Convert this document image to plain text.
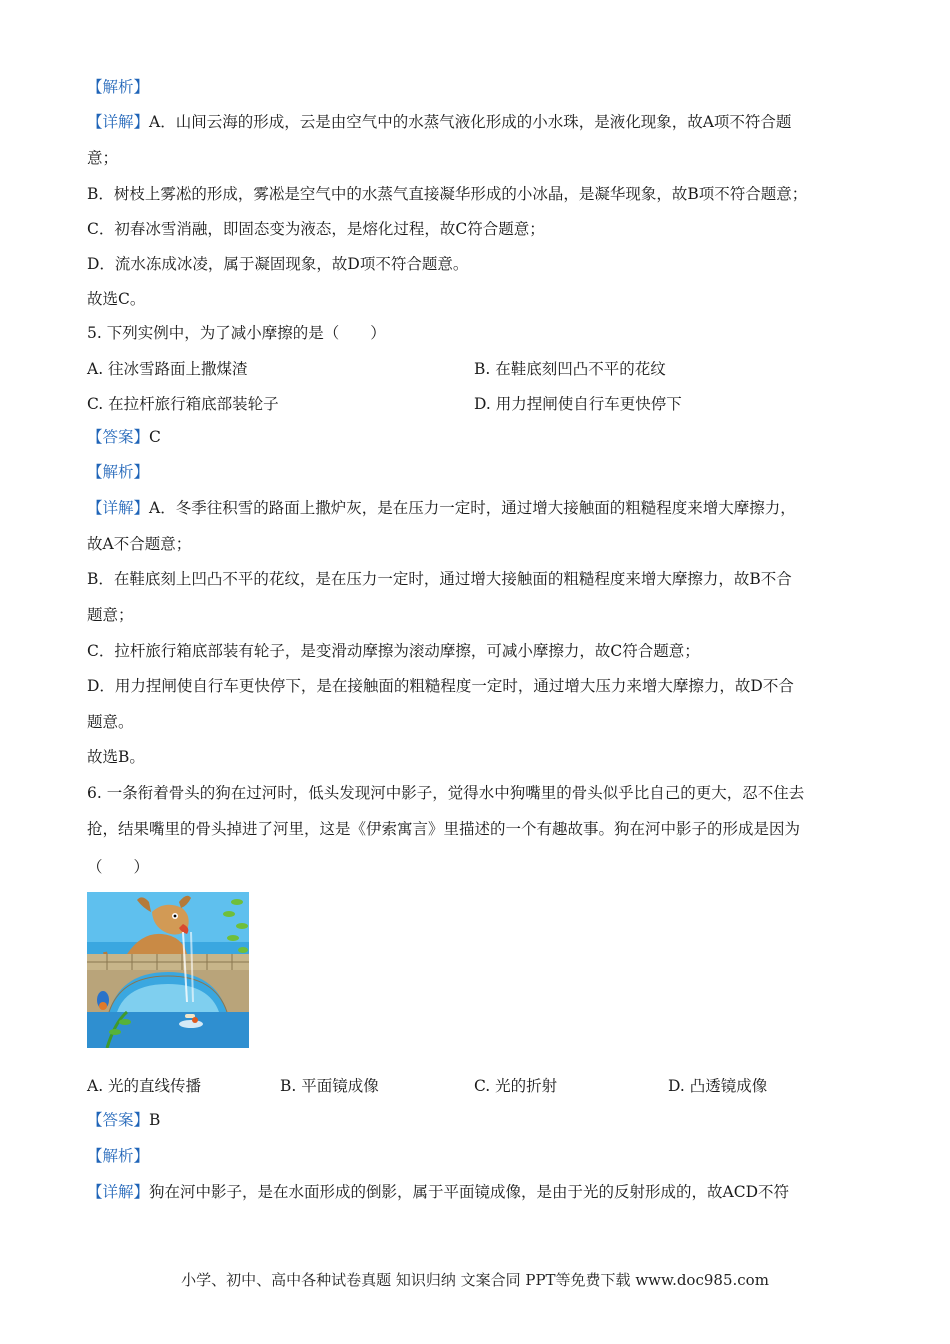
【解析】
【详解】A．山间云海的形成，云是由空气中的水蒸气液化形成的小水珠，是液化现象，故A项不符合题
意；
B．树枝上雾凇的形成，雾凇是空气中的水蒸气直接凝华形成的小冰晶，是凝华现象，故B项不符合题意；
C．初春冰雪消融，即固态变为液态，是熔化过程，故C符合题意；
D．流水冻成冰凌，属于凝固现象，故D项不符合题意。
故选C。
5. 下列实例中，为了减小摩擦的是（　　）
A. 往冰雪路面上撒煤渣	B. 在鞋底刻凹凸不平的花纹
C. 在拉杆旅行箱底部装轮子	D. 用力捏闸使自行车更快停下
【答案】C
【解析】
【详解】A．冬季往积雪的路面上撒炉灰，是在压力一定时，通过增大接触面的粗糙程度来增大摩擦力，
故A不合题意；
B．在鞋底刻上凹凸不平的花纹，是在压力一定时，通过增大接触面的粗糙程度来增大摩擦力，故B不合
题意；
C．拉杆旅行箱底部装有轮子，是变滑动摩擦为滚动摩擦，可减小摩擦力，故C符合题意；
D．用力捏闸使自行车更快停下，是在接触面的粗糙程度一定时，通过增大压力来增大摩擦力，故D不合
题意。
故选B。
6. 一条衔着骨头的狗在过河时，低头发现河中影子，觉得水中狗嘴里的骨头似乎比自己的更大，忍不住去
抢，结果嘴里的骨头掉进了河里，这是《伊索寓言》里描述的一个有趣故事。狗在河中影子的形成是因为
（　　）
A. 光的直线传播	B. 平面镜成像	C. 光的折射	D. 凸透镜成像
【答案】B
【解析】
【详解】狗在河中影子，是在水面形成的倒影，属于平面镜成像，是由于光的反射形成的，故ACD不符
小学、初中、高中各种试卷真题 知识归纳 文案合同 PPT等免费下载 www.doc985.com
